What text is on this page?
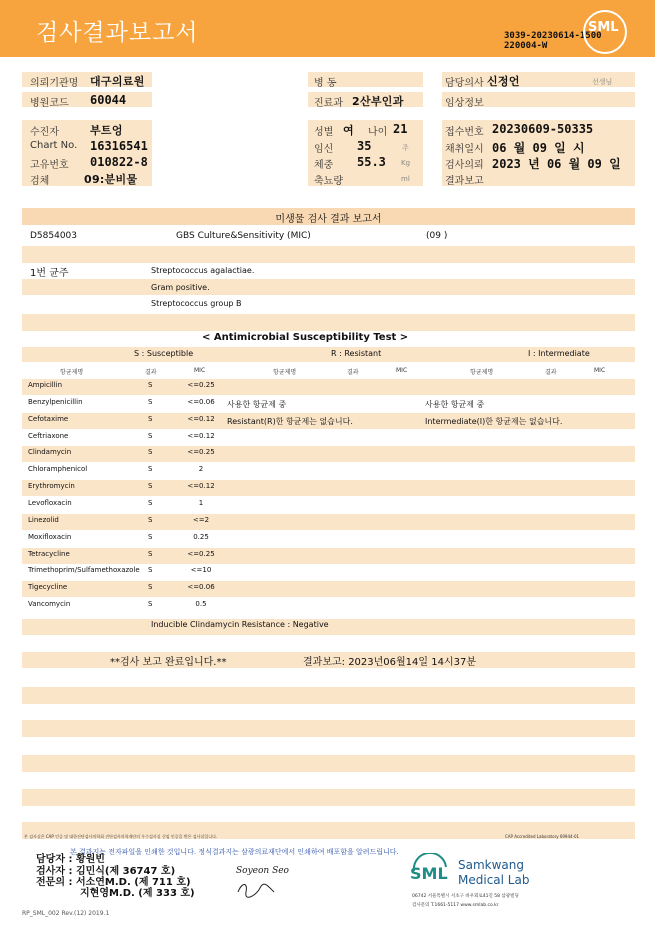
검사결과보고서	3039-20230614-1500
220004-W
SML
의뢰기관명 대구의료원
병원코드 60044
병 동
진료과 2산부인과
담당의사 신정언	선생님
임상정보
수진자	부트엉
Chart No. 16316541
고유번호 010822-8
검체	09:분비물
성별 여 나이 21
임신 35	주
체중 55.3 Kg
축뇨량	ml
접수번호 20230609-50335
채취일시 06 월 09 일 시
검사의뢰 2023 년 06 월 09 일
결과보고
미생물 검사 결과 보고서
D5854003	GBS Culture&Sensitivity (MIC)	(09 )
1번 균주	Streptococcus agalactiae.
Gram positive.
Streptococcus group B
< Antimicrobial Susceptibility Test >
S : Susceptible	R : Resistant	I : Intermediate
항균제명	결과	MIC	항균제명	결과	MIC	항균제명	결과	MIC
Ampicillin	S	<=0.25
Benzylpenicillin	S	<=0.06
Cefotaxime	S	<=0.12
Ceftriaxone	S	<=0.12
Clindamycin	S	<=0.25
Chloramphenicol	S	2
Erythromycin	S	<=0.12
Levofloxacin	S	1
Linezolid	S	<=2
Moxifloxacin	S	0.25
Tetracycline	S	<=0.25
Trimethoprim/Sulfamethoxazole S	<=10
Tigecycline	S	<=0.06
Vancomycin	S	0.5
사용한 항균제 중
Resistant(R)한 항균제는 없습니다.
사용한 항균제 중
Intermediate(I)한 항균제는 없습니다.
Inducible Clindamycin Resistance : Negative
**검사 보고 완료입니다.**	결과보고: 2023년06월14일 14시37분
본 검사실은 CAP 인증 및 대한진단검사의학회 진단검사의학재단의 우수검사실 신임 인증을 받은 검사실입니다.	CAP Accredited Laboratory 69944-01
본 결과지는 전자파일을 인쇄한 것입니다. 정식결과지는 삼광의료재단에서 인쇄하여 배포함을 알려드립니다.
담당자 : 황원빈
검사자 : 김민식(제 36747 호)
전문의 : 서소연M.D. (제 711 호)
지현영M.D. (제 333 호)
Soyeon Seo	SML Samkwang
Medical Lab
06742 서울특별시 서초구 바우뫼로41길 58 삼광빌딩
검사문의 T.1661-5117 www.smlab.co.kr
RP_SML_002 Rev.(12) 2019.1
